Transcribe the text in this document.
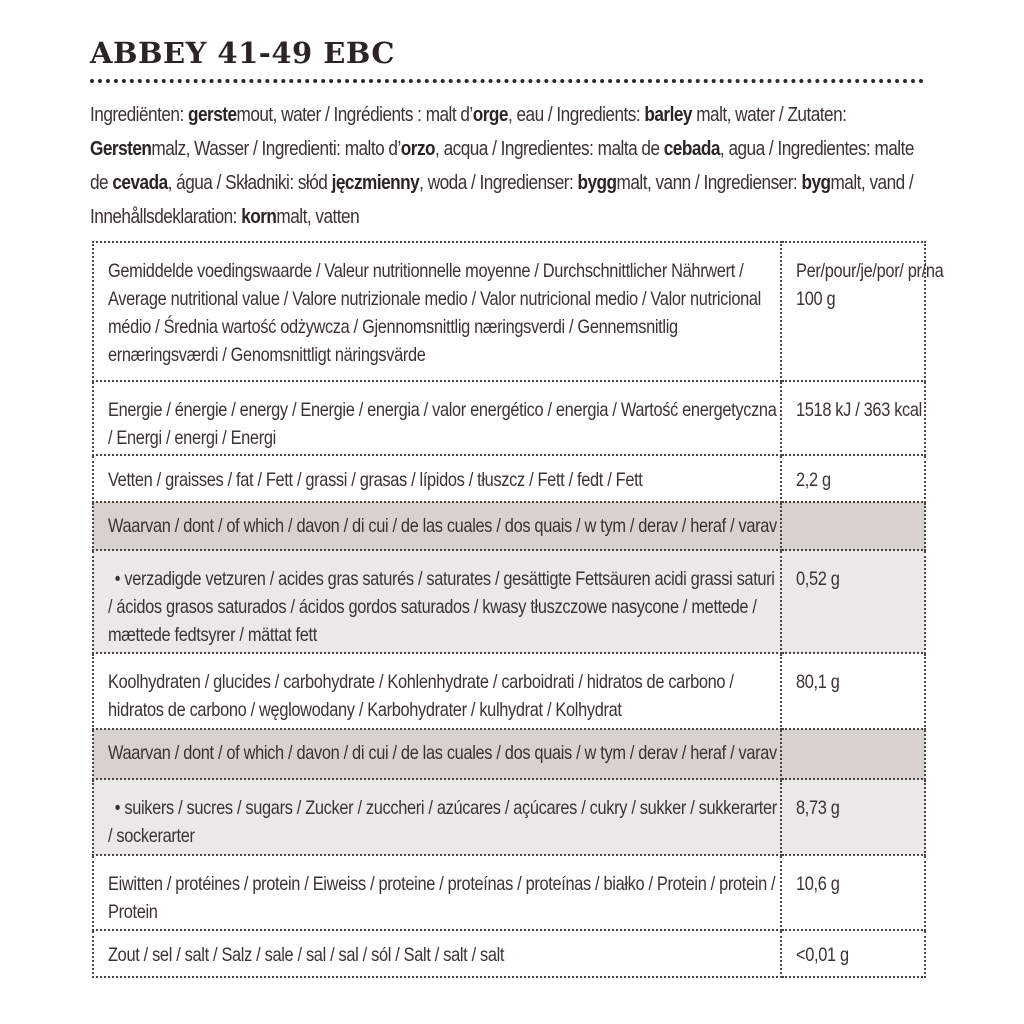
ABBEY 41-49 EBC
Ingrediënten: gerstemout, water / Ingrédients : malt d’orge, eau / Ingredients: barley malt, water / Zutaten: Gerstenmalz, Wasser / Ingredienti: malto d’orzo, acqua / Ingredientes: malta de cebada, agua / Ingredientes: malte de cevada, água / Składniki: słód jęczmienny, woda / Ingredienser: byggmalt, vann / Ingredienser: bygmalt, vand / Innehållsdeklaration: kornmalt, vatten
Gemiddelde voedingswaarde / Valeur nutritionnelle moyenne / Durchschnittlicher Nährwert / Average nutritional value / Valore nutrizionale medio / Valor nutricional medio / Valor nutricional médio / Średnia wartość odżywcza / Gjennomsnittlig næringsverdi / Gennemsnitlig ernæringsværdi / Genomsnittligt näringsvärde	Per/pour/je/por/ pr/na 100 g

Energie / énergie / energy / Energie / energia / valor energético / energia / Wartość energetyczna / Energi / energi / Energi	1518 kJ / 363 kcal

Vetten / graisses / fat / Fett / grassi / grasas / lípidos / tłuszcz / Fett / fedt / Fett	2,2 g

Waarvan / dont / of which / davon / di cui / de las cuales / dos quais / w tym / derav / heraf / varav	

• verzadigde vetzuren / acides gras saturés / saturates / gesättigte Fettsäuren acidi grassi saturi / ácidos grasos saturados / ácidos gordos saturados / kwasy tłuszczowe nasycone / mettede / mættede fedtsyrer / mättat fett	0,52 g

Koolhydraten / glucides / carbohydrate / Kohlenhydrate / carboidrati / hidratos de carbono / hidratos de carbono / węglowodany / Karbohydrater / kulhydrat / Kolhydrat	80,1 g

Waarvan / dont / of which / davon / di cui / de las cuales / dos quais / w tym / derav / heraf / varav	

• suikers / sucres / sugars / Zucker / zuccheri / azúcares / açúcares / cukry / sukker / sukkerarter / sockerarter	8,73 g

Eiwitten / protéines / protein / Eiweiss / proteine / proteínas / proteínas / białko / Protein / protein / Protein	10,6 g

Zout / sel / salt / Salz / sale / sal / sal / sól / Salt / salt / salt	<0,01 g
